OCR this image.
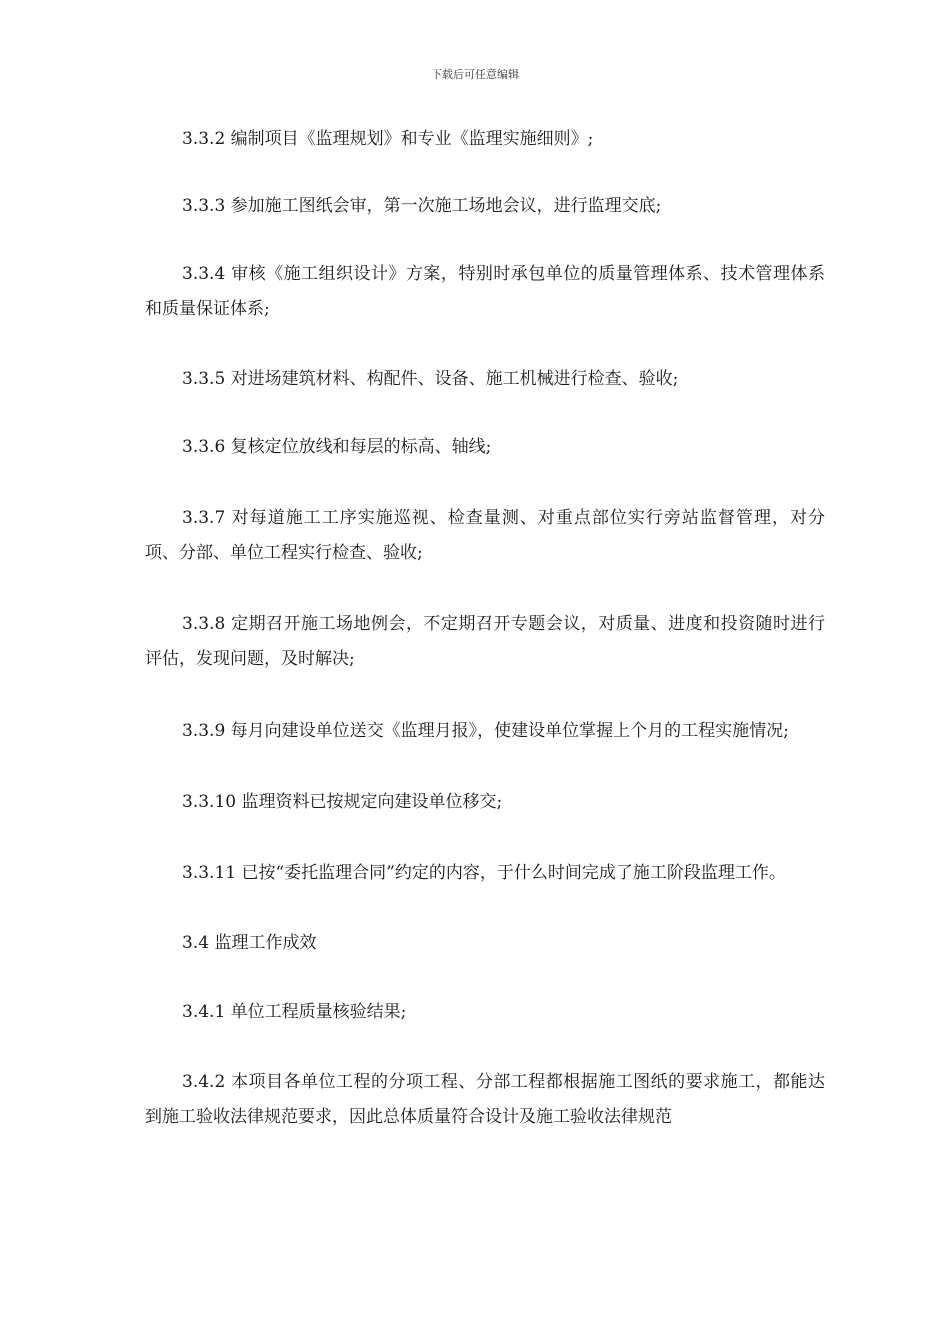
下载后可任意编辑

3.3.2 编制项目《监理规划》和专业《监理实施细则》;

3.3.3 参加施工图纸会审，第一次施工场地会议，进行监理交底;

3.3.4 审核《施工组织设计》方案，特别时承包单位的质量管理体系、技术管理体系和质量保证体系;

3.3.5 对进场建筑材料、构配件、设备、施工机械进行检查、验收;

3.3.6 复核定位放线和每层的标高、轴线;

3.3.7 对每道施工工序实施巡视、检查量测、对重点部位实行旁站监督管理，对分项、分部、单位工程实行检查、验收;

3.3.8 定期召开施工场地例会，不定期召开专题会议，对质量、进度和投资随时进行评估，发现问题，及时解决;

3.3.9 每月向建设单位送交《监理月报》，使建设单位掌握上个月的工程实施情况;

3.3.10 监理资料已按规定向建设单位移交;

3.3.11 已按“委托监理合同”约定的内容，于什么时间完成了施工阶段监理工作。

3.4 监理工作成效

3.4.1 单位工程质量核验结果;

3.4.2 本项目各单位工程的分项工程、分部工程都根据施工图纸的要求施工，都能达到施工验收法律规范要求，因此总体质量符合设计及施工验收法律规范
